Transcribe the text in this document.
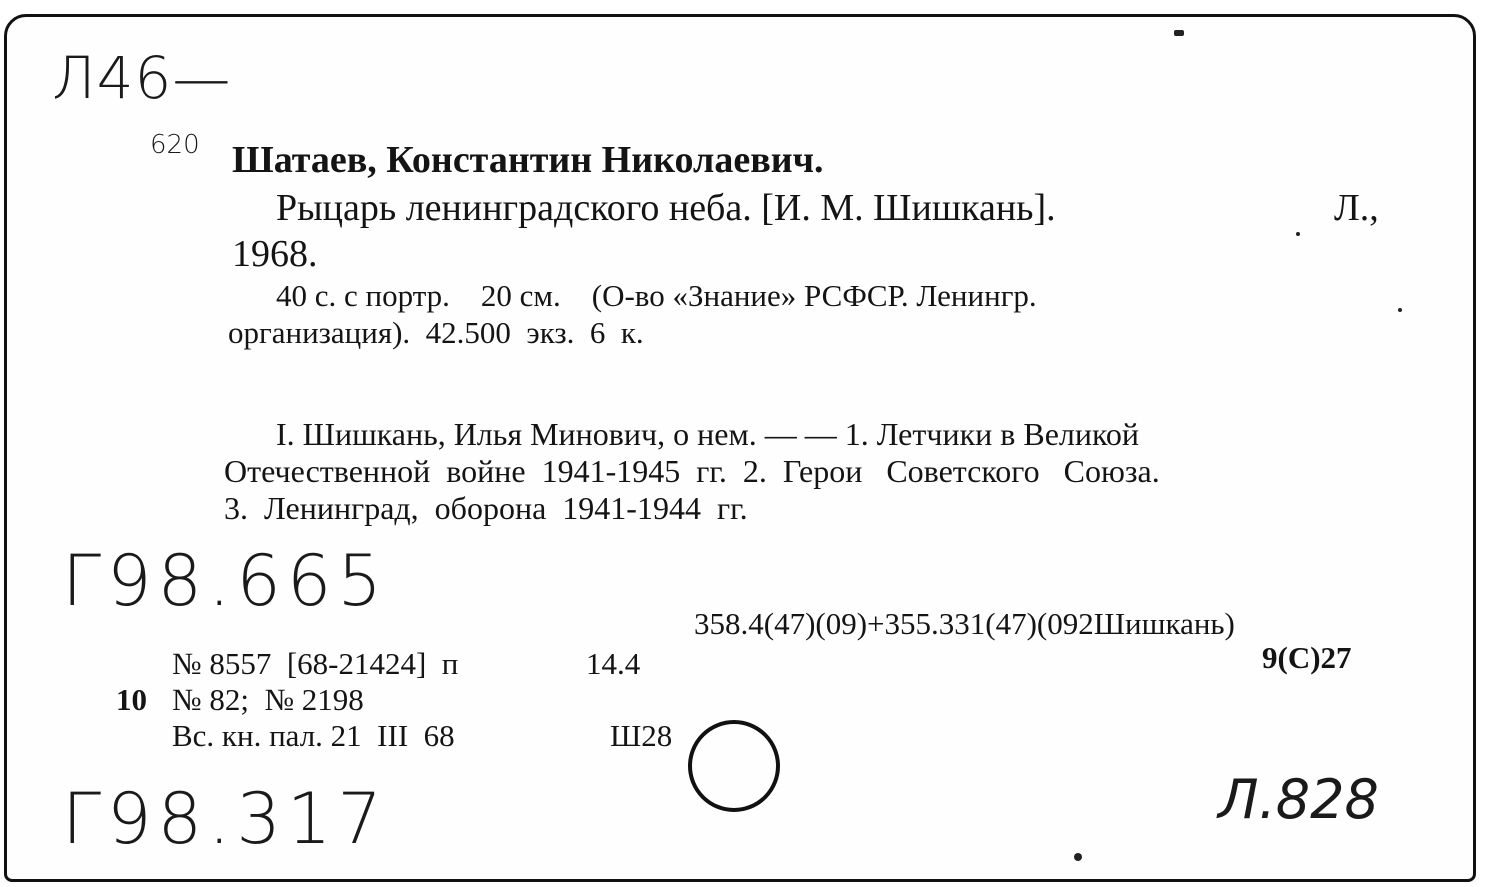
Л46—
620 Шатаев, Константин Николаевич.
Рыцарь ленинградского неба. [И. М. Шишкань].	Л.,
1968.
40 с. с портр.    20 см.    (О-во «Знание» РСФСР. Ленингр.
организация).  42.500  экз.  6  к.
I. Шишкань, Илья Минович, о нем. — — 1. Летчики в Великой
Отечественной  войне  1941-1945  гг.  2.  Герои   Советского   Союза.
3.  Ленинград,  оборона  1941-1944  гг.
Г98.665
Г98.317	Л.828
358.4(47)(09)+355.331(47)(092Шишкань)
9(С)27
№ 8557  [68-21424]  п	14.4
10 № 82;  № 2198
Вс. кн. пал. 21  III  68	Ш28
